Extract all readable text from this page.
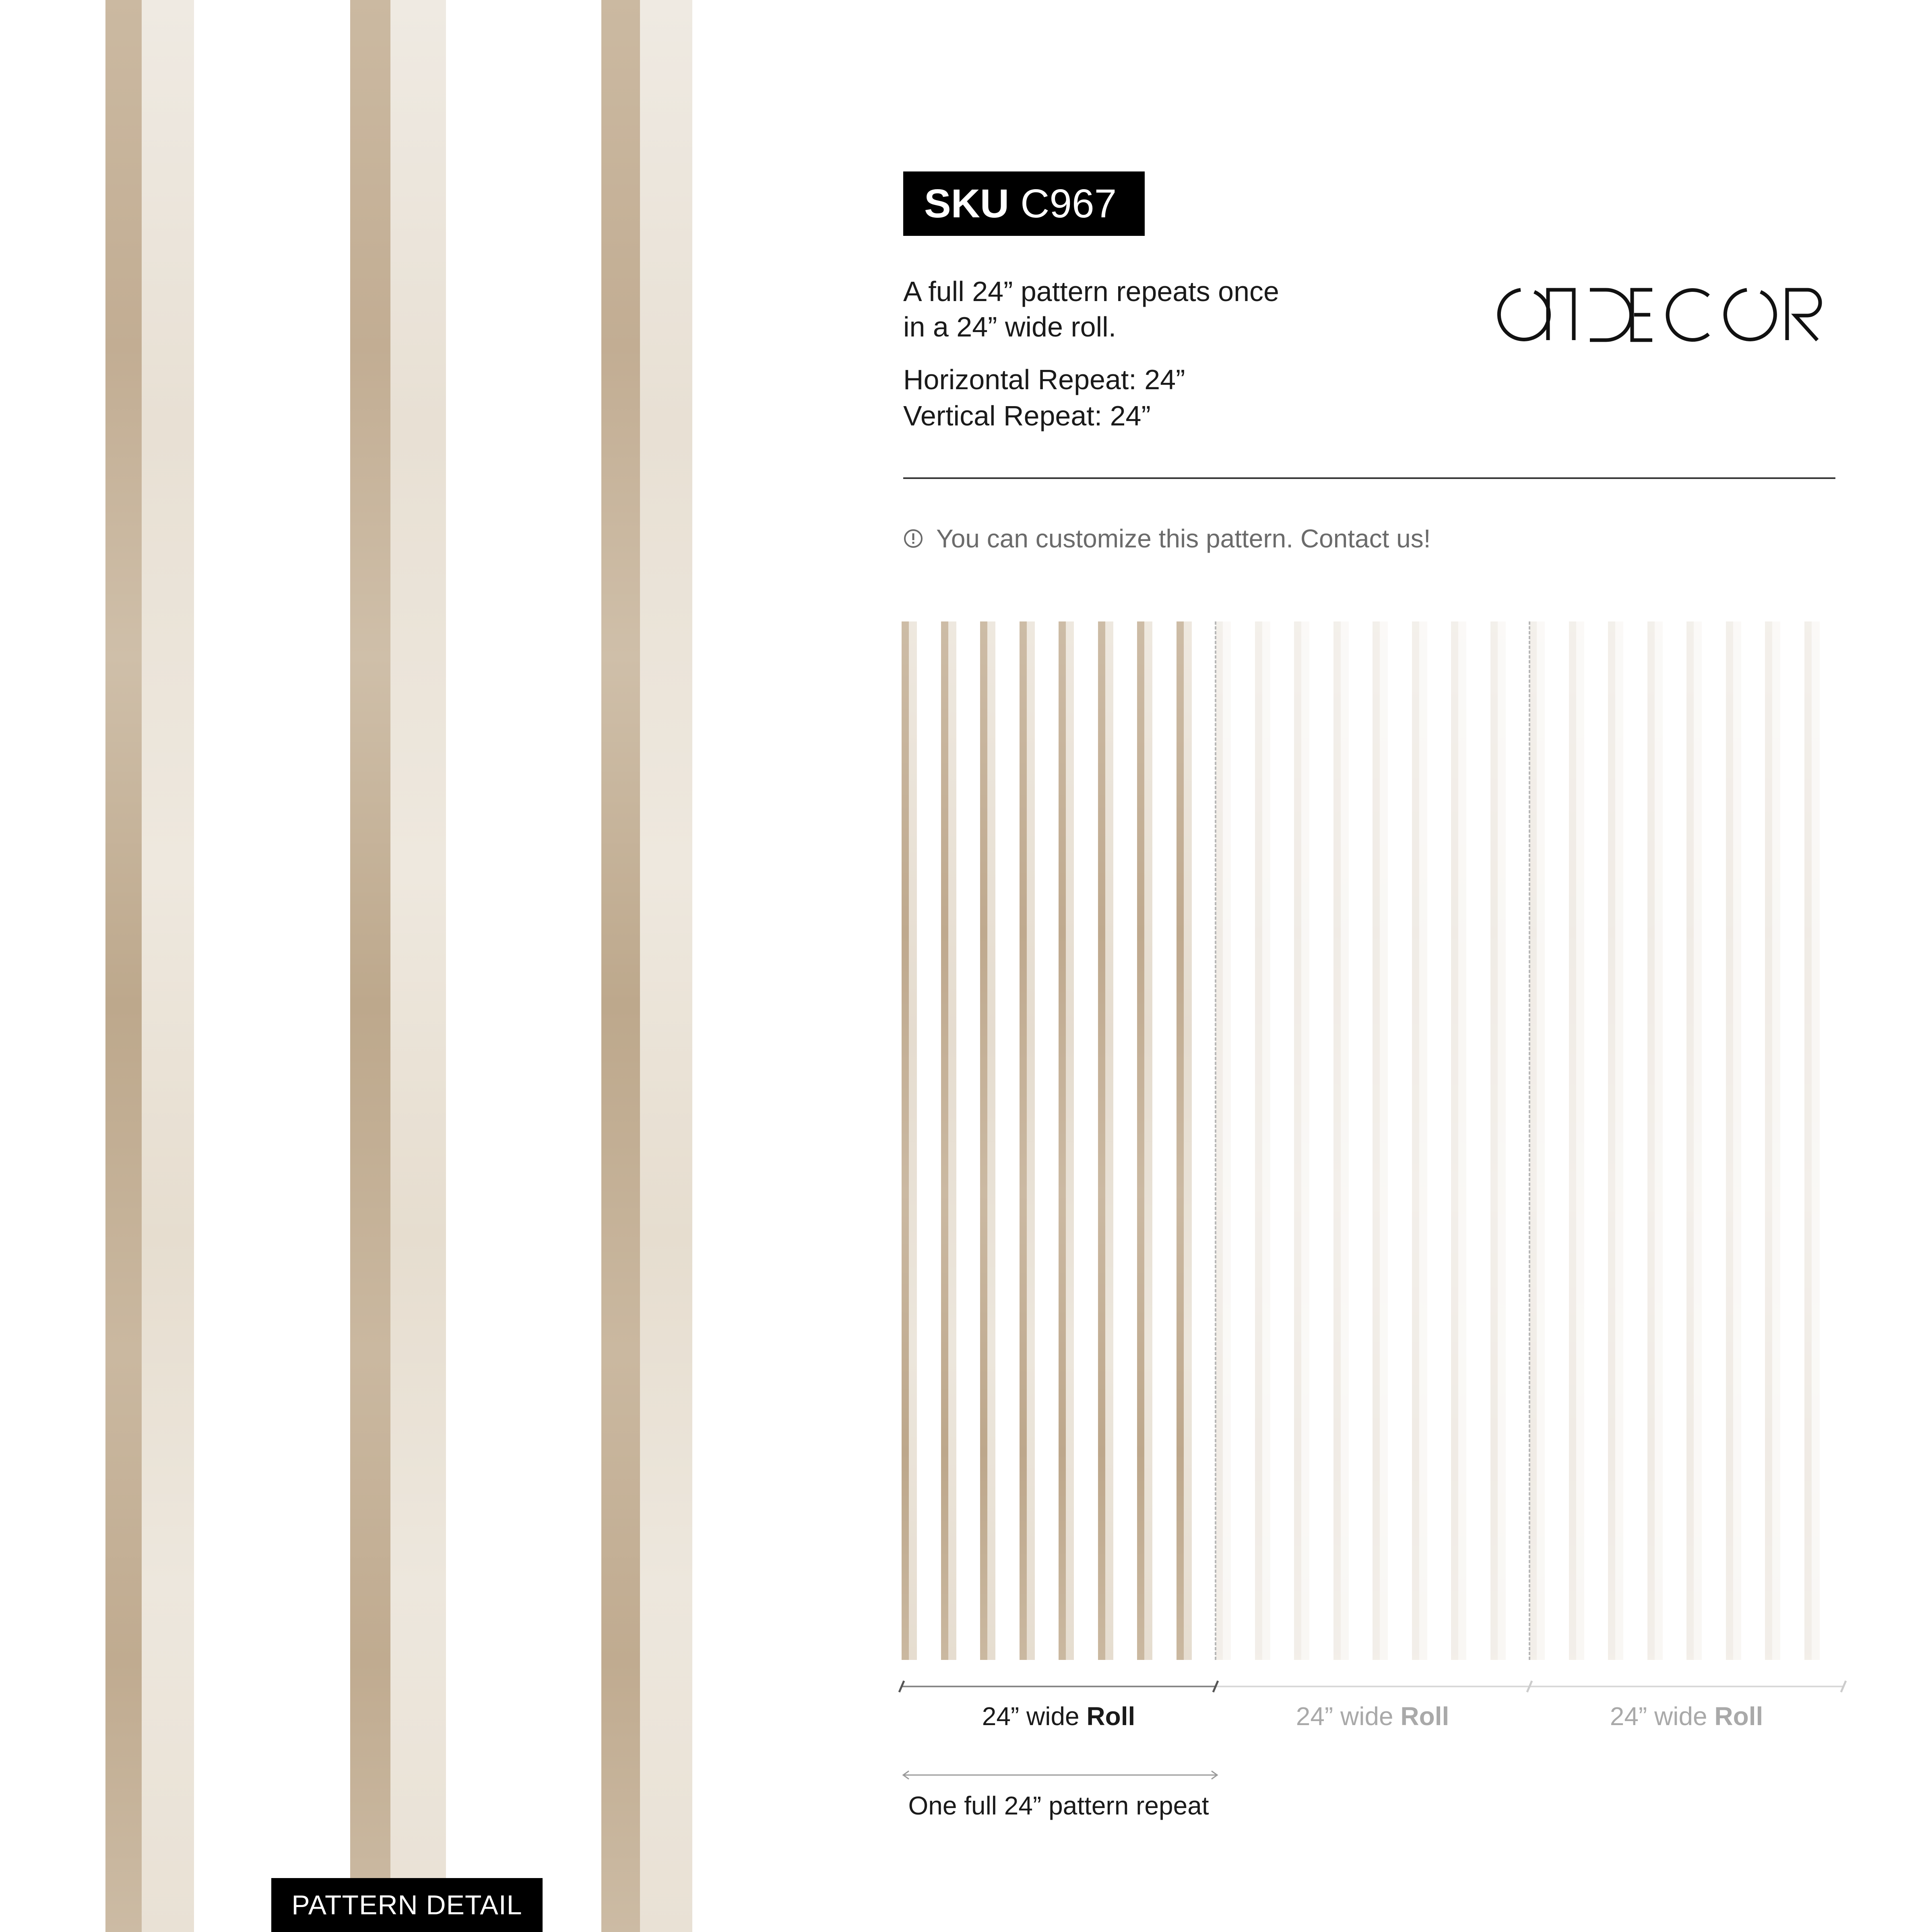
PATTERN DETAIL
SKU C967
A full 24” pattern repeats once
in a 24” wide roll.
Horizontal Repeat: 24”
Vertical Repeat: 24”
You can customize this pattern. Contact us!
24” wide Roll	24” wide Roll	24” wide Roll
One full 24” pattern repeat
